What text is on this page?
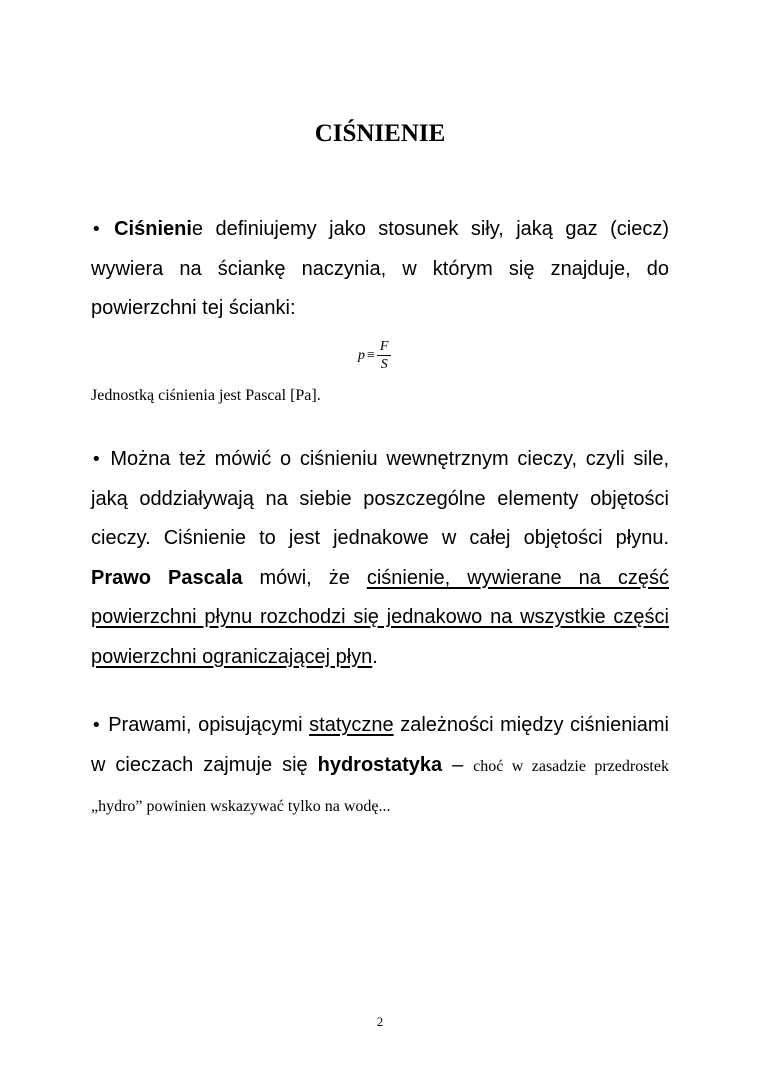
CIŚNIENIE
• Ciśnienie definiujemy jako stosunek siły, jaką gaz (ciecz) wywiera na ściankę naczynia, w którym się znajduje, do powierzchni tej ścianki:
$p \equiv \frac{F}{S}$
Jednostką ciśnienia jest Pascal [Pa].
• Można też mówić o ciśnieniu wewnętrznym cieczy, czyli sile, jaką oddziaływają na siebie poszczególne elementy objętości cieczy. Ciśnienie to jest jednakowe w całej objętości płynu. Prawo Pascala mówi, że ciśnienie, wywierane na część powierzchni płynu rozchodzi się jednakowo na wszystkie części powierzchni ograniczającej płyn.
• Prawami, opisującymi statyczne zależności między ciśnieniami w cieczach zajmuje się hydrostatyka – choć w zasadzie przedrostek „hydro” powinien wskazywać tylko na wodę...
2
